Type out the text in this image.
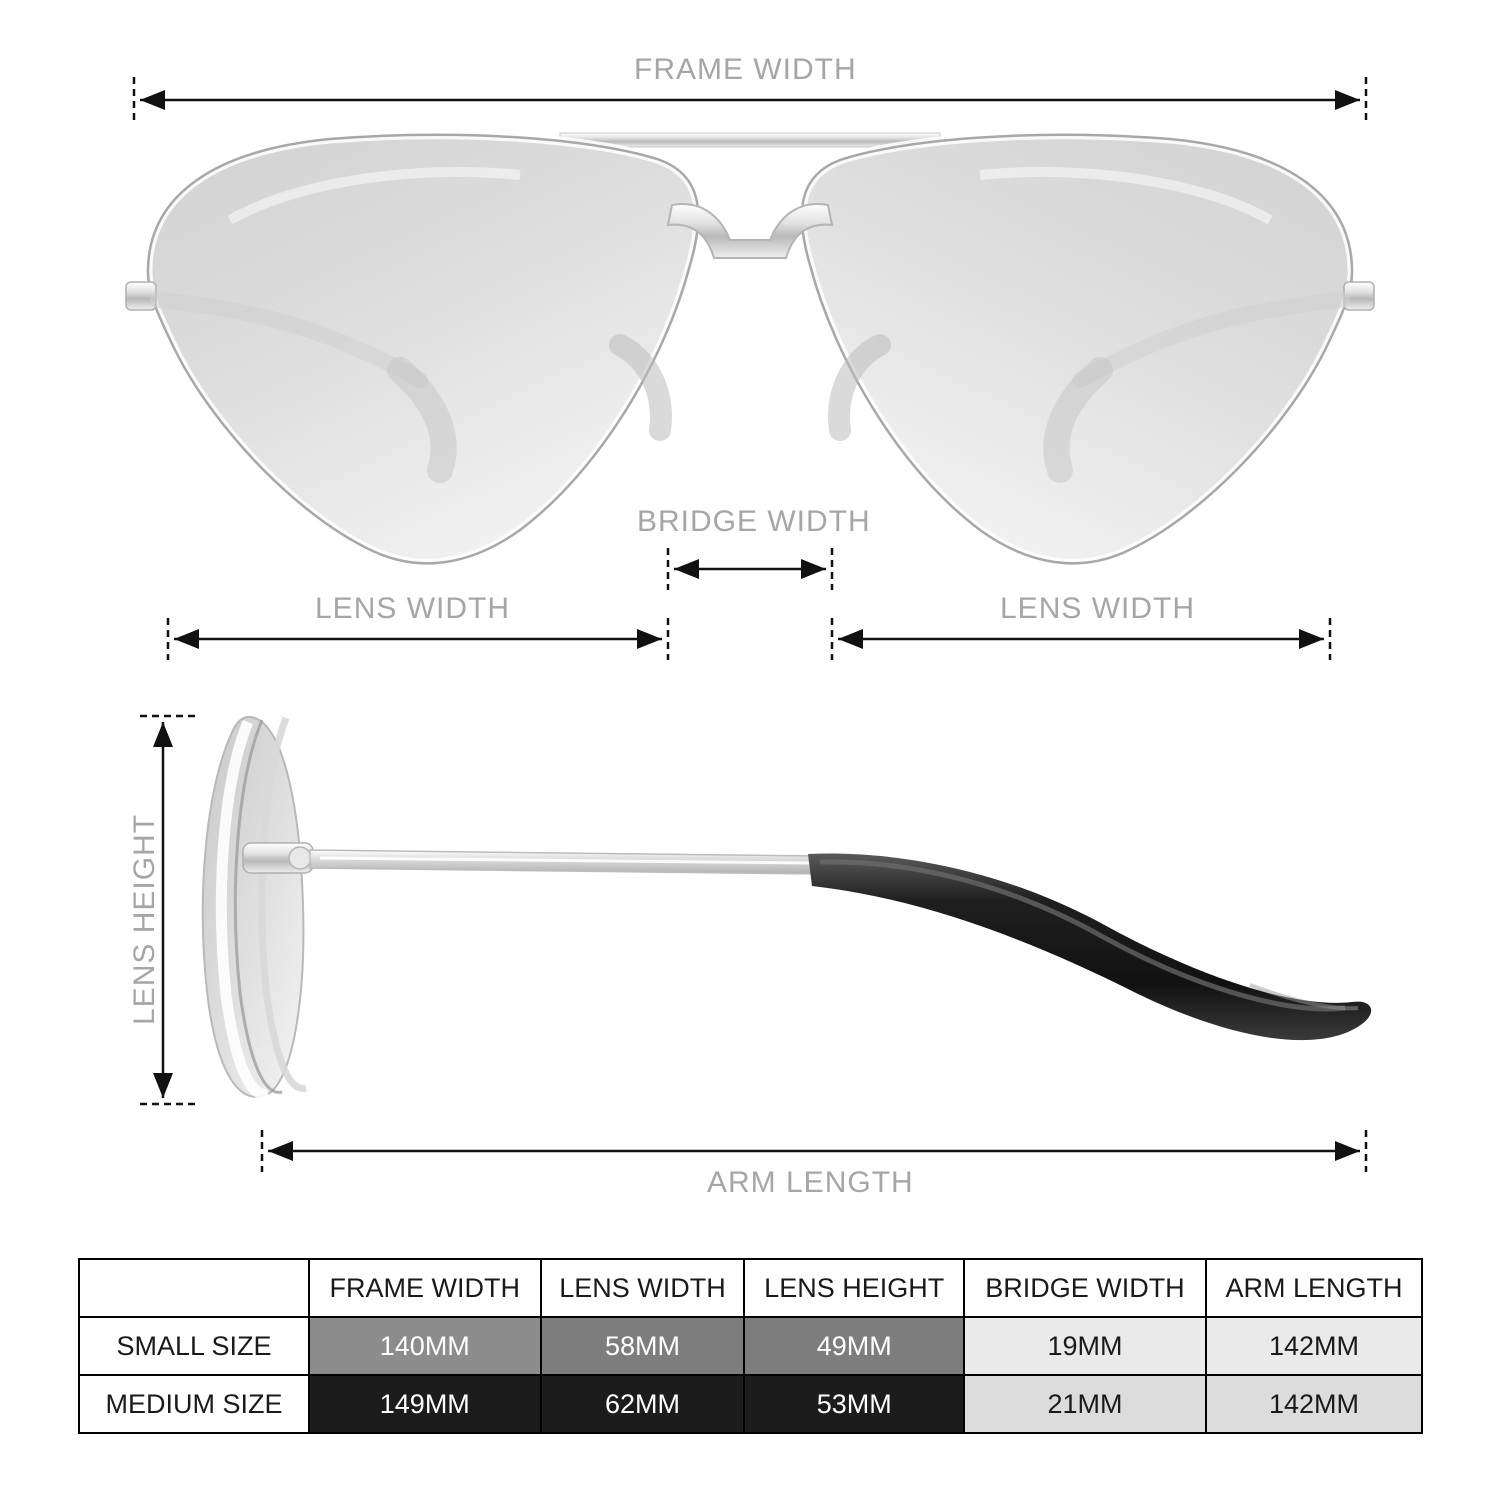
FRAME WIDTH
BRIDGE WIDTH
LENS WIDTH	LENS WIDTH
LENS HEIGHT
ARM LENGTH
	FRAME WIDTH	LENS WIDTH	LENS HEIGHT	BRIDGE WIDTH	ARM LENGTH
SMALL SIZE	140MM	58MM	49MM	19MM	142MM
MEDIUM SIZE	149MM	62MM	53MM	21MM	142MM
